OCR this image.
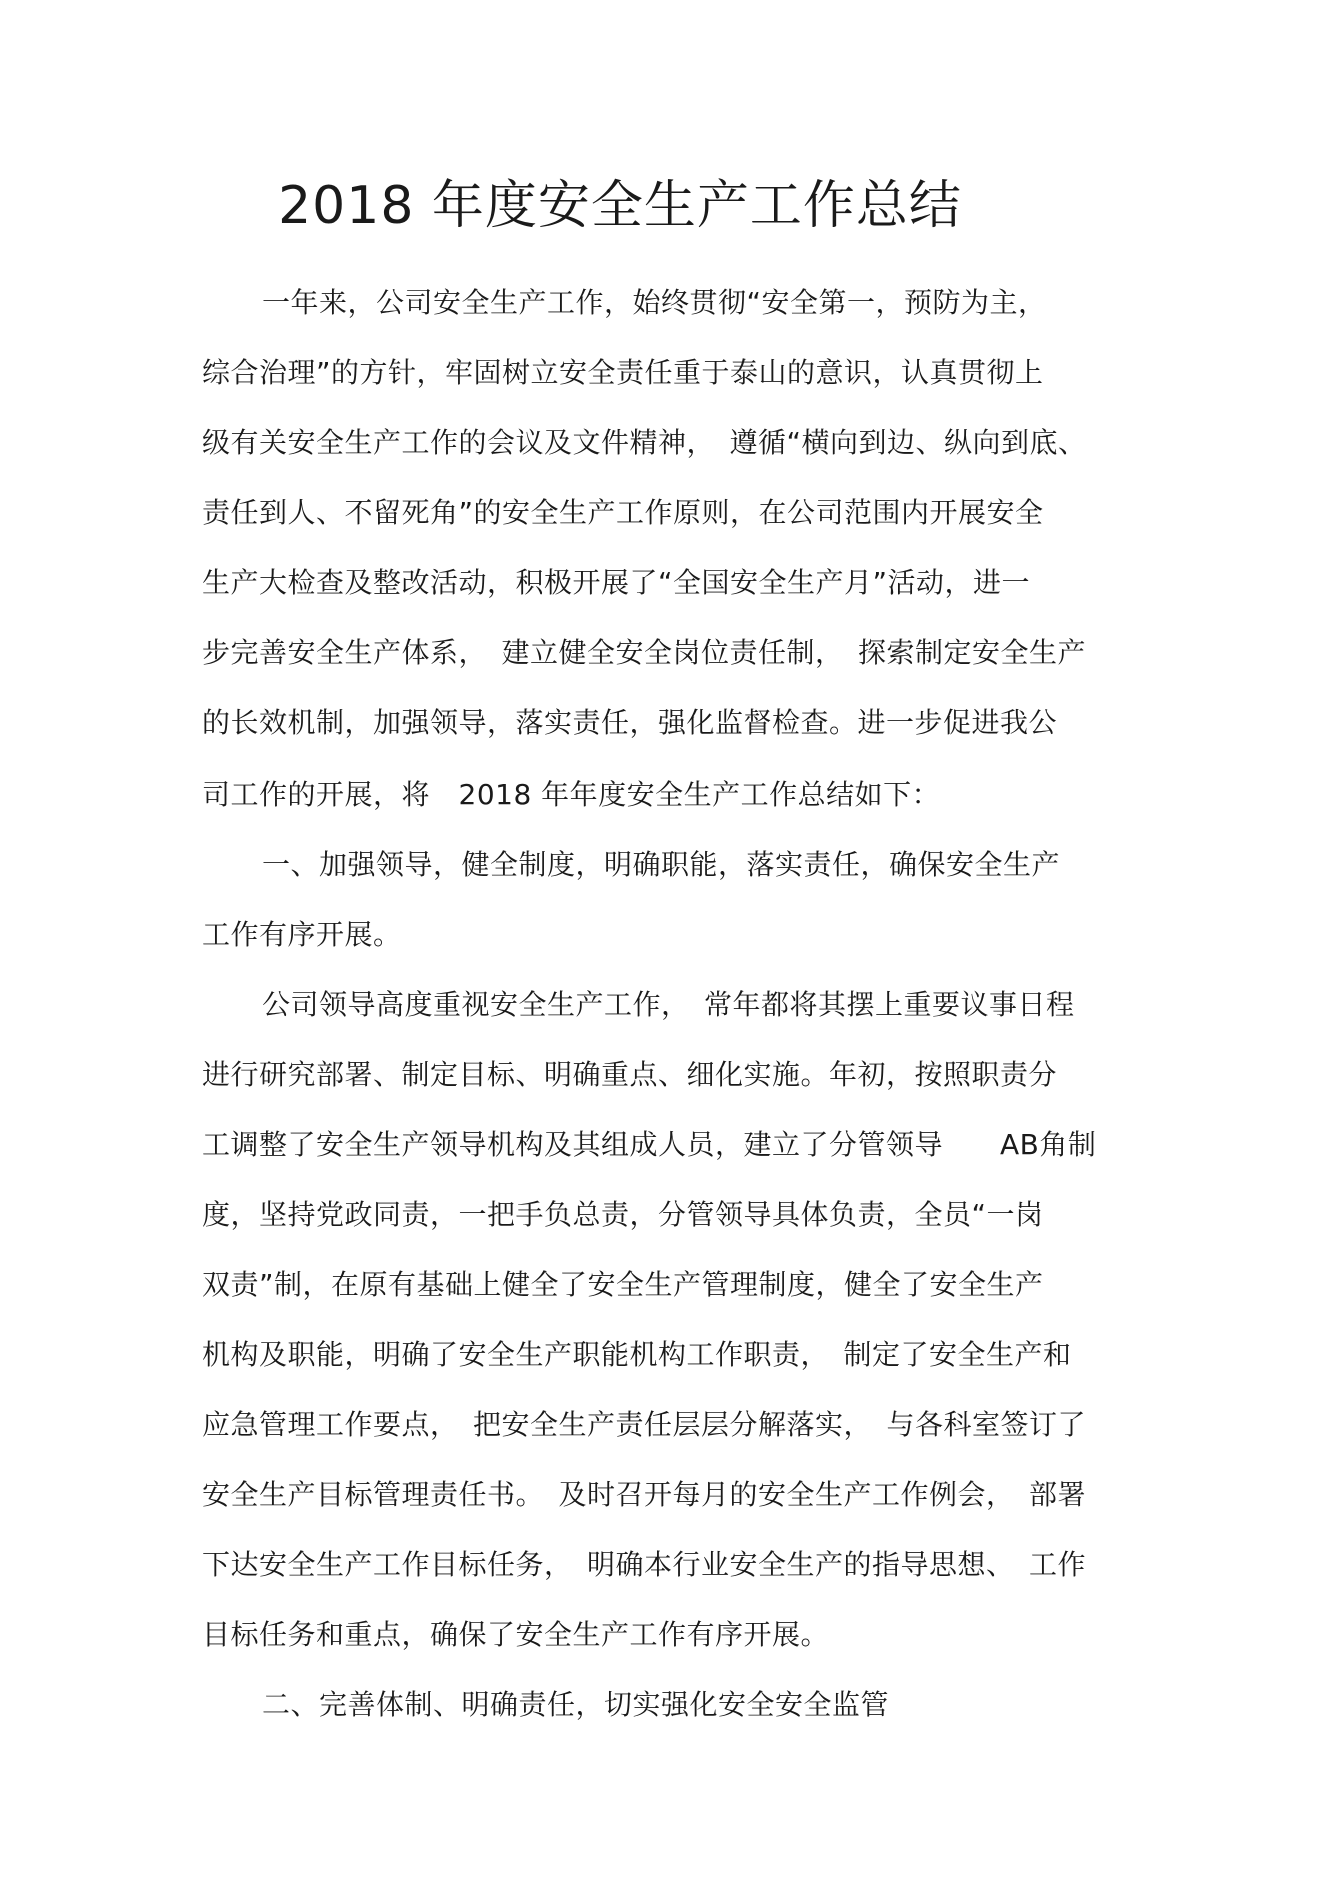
2018 年度安全生产工作总结
一年来，公司安全生产工作，始终贯彻“安全第一，预防为主，
综合治理”的方针，牢固树立安全责任重于泰山的意识，认真贯彻上
级有关安全生产工作的会议及文件精神，　遵循“横向到边、纵向到底、
责任到人、不留死角”的安全生产工作原则，在公司范围内开展安全
生产大检查及整改活动，积极开展了“全国安全生产月”活动，进一
步完善安全生产体系，　建立健全安全岗位责任制，　探索制定安全生产
的长效机制，加强领导，落实责任，强化监督检查。进一步促进我公
司工作的开展，将　2018 年年度安全生产工作总结如下：
一、加强领导，健全制度，明确职能，落实责任，确保安全生产
工作有序开展。
公司领导高度重视安全生产工作，　常年都将其摆上重要议事日程
进行研究部署、制定目标、明确重点、细化实施。年初，按照职责分
工调整了安全生产领导机构及其组成人员，建立了分管领导　　AB角制
度，坚持党政同责，一把手负总责，分管领导具体负责，全员“一岗
双责”制，在原有基础上健全了安全生产管理制度，健全了安全生产
机构及职能，明确了安全生产职能机构工作职责，　制定了安全生产和
应急管理工作要点，　把安全生产责任层层分解落实，　与各科室签订了
安全生产目标管理责任书。　及时召开每月的安全生产工作例会，　部署
下达安全生产工作目标任务，　明确本行业安全生产的指导思想、　工作
目标任务和重点，确保了安全生产工作有序开展。
二、完善体制、明确责任，切实强化安全安全监管
